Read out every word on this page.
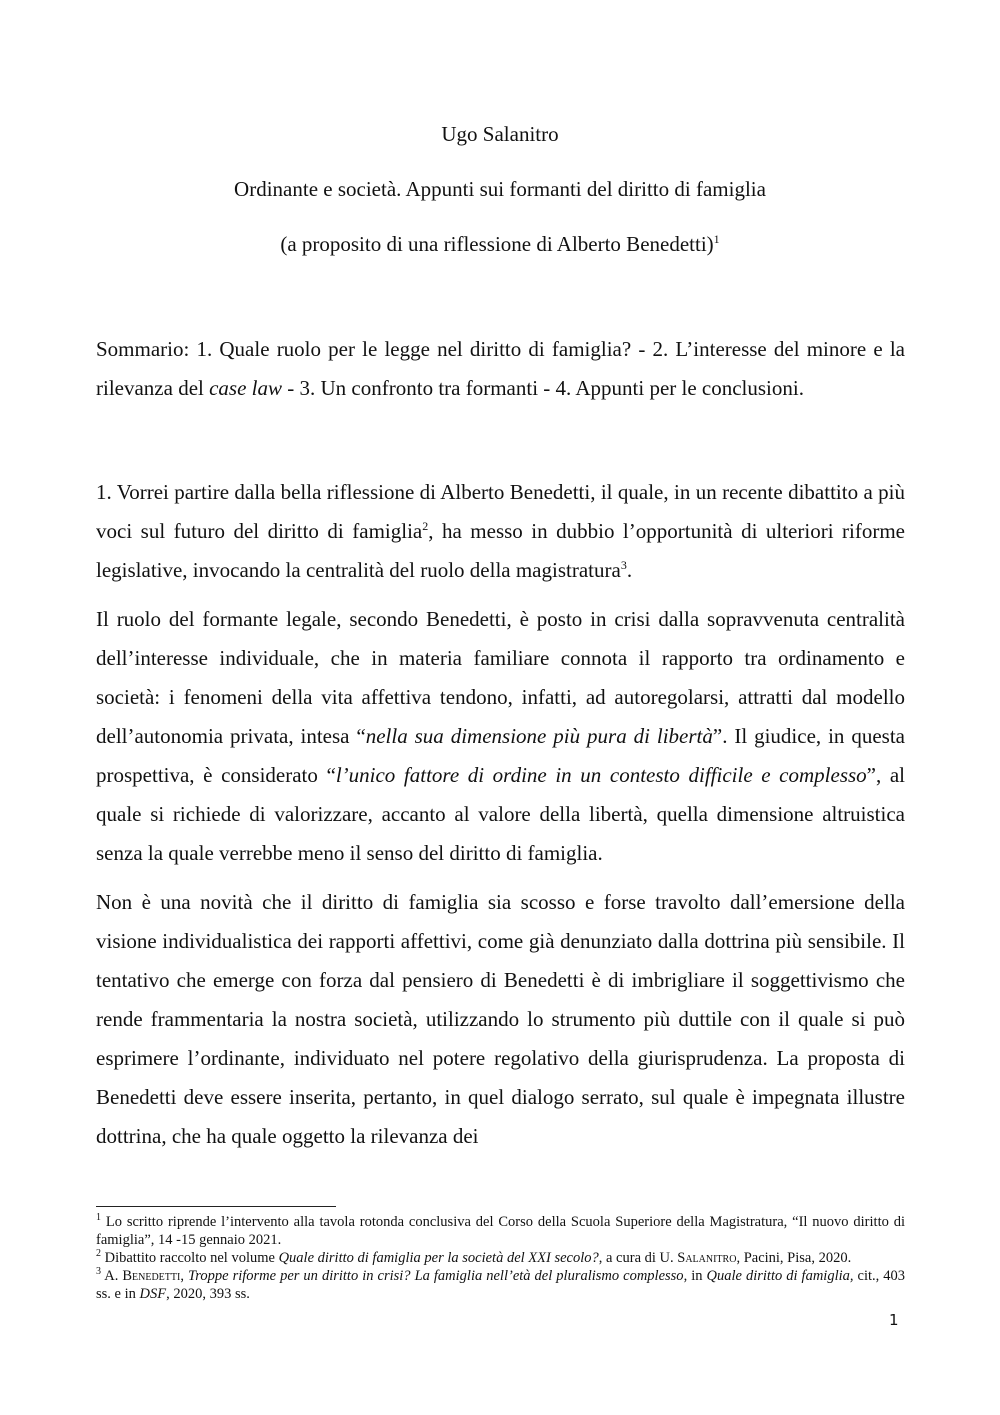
Ugo Salanitro
Ordinante e società. Appunti sui formanti del diritto di famiglia
(a proposito di una riflessione di Alberto Benedetti)$^1$
Sommario: 1. Quale ruolo per le legge nel diritto di famiglia? - 2. L’interesse del minore e la rilevanza del case law - 3. Un confronto tra formanti - 4. Appunti per le conclusioni.

1. Vorrei partire dalla bella riflessione di Alberto Benedetti, il quale, in un recente dibattito a più voci sul futuro del diritto di famiglia$^2$, ha messo in dubbio l’opportunità di ulteriori riforme legislative, invocando la centralità del ruolo della magistratura$^3$.

Il ruolo del formante legale, secondo Benedetti, è posto in crisi dalla sopravvenuta centralità dell’interesse individuale, che in materia familiare connota il rapporto tra ordinamento e società: i fenomeni della vita affettiva tendono, infatti, ad autoregolarsi, attratti dal modello dell’autonomia privata, intesa “nella sua dimensione più pura di libertà”. Il giudice, in questa prospettiva, è considerato “l’unico fattore di ordine in un contesto difficile e complesso”, al quale si richiede di valorizzare, accanto al valore della libertà, quella dimensione altruistica senza la quale verrebbe meno il senso del diritto di famiglia.

Non è una novità che il diritto di famiglia sia scosso e forse travolto dall’emersione della visione individualistica dei rapporti affettivi, come già denunziato dalla dottrina più sensibile. Il tentativo che emerge con forza dal pensiero di Benedetti è di imbrigliare il soggettivismo che rende frammentaria la nostra società, utilizzando lo strumento più duttile con il quale si può esprimere l’ordinante, individuato nel potere regolativo della giurisprudenza. La proposta di Benedetti deve essere inserita, pertanto, in quel dialogo serrato, sul quale è impegnata illustre dottrina, che ha quale oggetto la rilevanza dei

$^1$ Lo scritto riprende l’intervento alla tavola rotonda conclusiva del Corso della Scuola Superiore della Magistratura, “Il nuovo diritto di famiglia”, 14 -15 gennaio 2021.

$^2$ Dibattito raccolto nel volume Quale diritto di famiglia per la società del XXI secolo?, a cura di U. Salanitro, Pacini, Pisa, 2020.

$^3$ A. Benedetti, Troppe riforme per un diritto in crisi? La famiglia nell’età del pluralismo complesso, in Quale diritto di famiglia, cit., 403 ss. e in DSF, 2020, 393 ss.

1
